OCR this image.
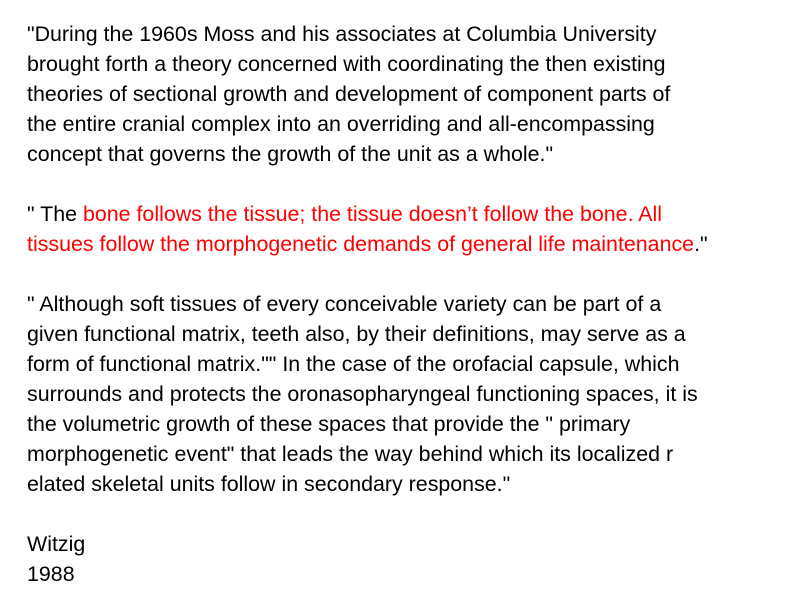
"During the 1960s Moss and his associates at Columbia University
brought forth a theory concerned with coordinating the then existing
theories of sectional growth and development of component parts of
the entire cranial complex into an overriding and all-encompassing
concept that governs the growth of the unit as a whole."

" The bone follows the tissue; the tissue doesn’t follow the bone. All
tissues follow the morphogenetic demands of general life maintenance."

" Although soft tissues of every conceivable variety can be part of a
given functional matrix, teeth also, by their definitions, may serve as a
form of functional matrix."" In the case of the orofacial capsule, which
surrounds and protects the oronasopharyngeal functioning spaces, it is
the volumetric growth of these spaces that provide the " primary
morphogenetic event" that leads the way behind which its localized r
elated skeletal units follow in secondary response."

Witzig
1988
